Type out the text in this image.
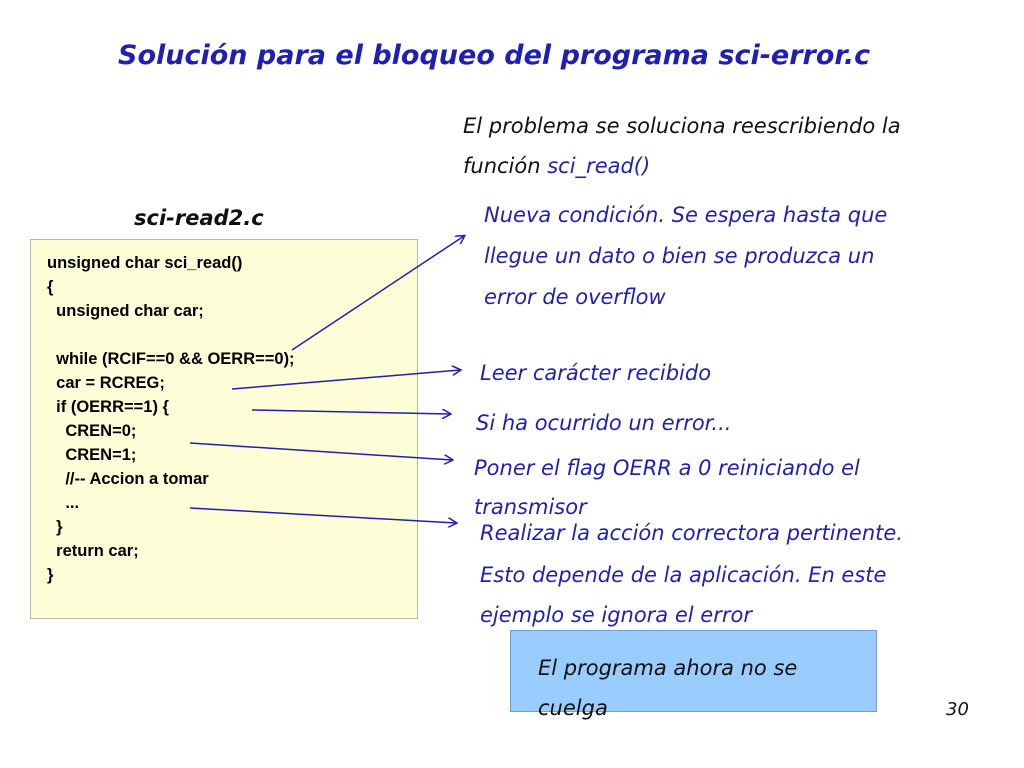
Solución para el bloqueo del programa sci-error.c
El problema se soluciona reescribiendo la
función sci_read()
sci-read2.c
unsigned char sci_read()
{
unsigned char car;
while (RCIF==0 && OERR==0);
car = RCREG;
if (OERR==1) {
CREN=0;
CREN=1;
//-- Accion a tomar
...
}
return car;
}
Nueva condición. Se espera hasta que
llegue un dato o bien se produzca un
error de overflow
Leer carácter recibido
Si ha ocurrido un error...
Poner el flag OERR a 0 reiniciando el
transmisor
Realizar la acción correctora pertinente.
Esto depende de la aplicación. En este
ejemplo se ignora el error
El programa ahora no se
cuelga	30
